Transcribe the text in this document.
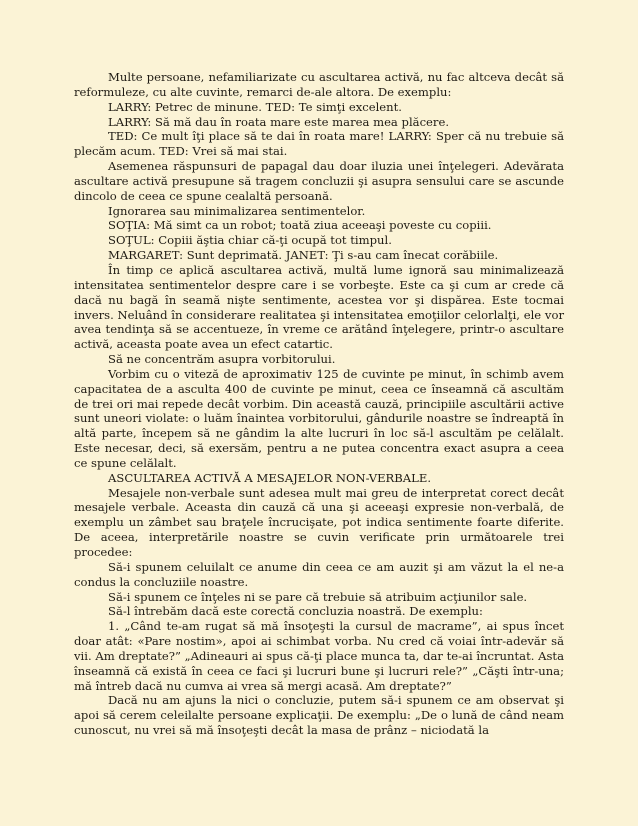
Multe persoane, nefamiliarizate cu ascultarea activă, nu fac altceva decât să reformuleze, cu alte cuvinte, remarci de-ale altora. De exemplu:

LARRY: Petrec de minune. TED: Te simţi excelent.

LARRY: Să mă dau în roata mare este marea mea plăcere.

TED: Ce mult îţi place să te dai în roata mare! LARRY: Sper că nu trebuie să plecăm acum. TED: Vrei să mai stai.

Asemenea răspunsuri de papagal dau doar iluzia unei înţelegeri. Adevărata ascultare activă presupune să tragem concluzii şi asupra sensului care se ascunde dincolo de ceea ce spune cealaltă persoană.

Ignorarea sau minimalizarea sentimentelor.

SOŢIA: Mă simt ca un robot; toată ziua aceeaşi poveste cu copiii.

SOŢUL: Copiii ăştia chiar că-ţi ocupă tot timpul.

MARGARET: Sunt deprimată. JANET: Ţi s-au cam înecat corăbiile.

În timp ce aplică ascultarea activă, multă lume ignoră sau minimalizează intensitatea sentimentelor despre care i se vorbeşte. Este ca şi cum ar crede că dacă nu bagă în seamă nişte sentimente, acestea vor şi dispărea. Este tocmai invers. Neluând în considerare realitatea şi intensitatea emoţiilor celorlalţi, ele vor avea tendinţa să se accentueze, în vreme ce arătând înţelegere, printr-o ascultare activă, aceasta poate avea un efect catartic.

Să ne concentrăm asupra vorbitorului.

Vorbim cu o viteză de aproximativ 125 de cuvinte pe minut, în schimb avem capacitatea de a asculta 400 de cuvinte pe minut, ceea ce înseamnă că ascultăm de trei ori mai repede decât vorbim. Din această cauză, principiile ascultării active sunt uneori violate: o luăm înaintea vorbitorului, gândurile noastre se îndreaptă în altă parte, începem să ne gândim la alte lucruri în loc să-l ascultăm pe celălalt. Este necesar, deci, să exersăm, pentru a ne putea concentra exact asupra a ceea ce spune celălalt.

ASCULTAREA ACTIVĂ A MESAJELOR NON-VERBALE.

Mesajele non-verbale sunt adesea mult mai greu de interpretat corect decât mesajele verbale. Aceasta din cauză că una şi aceeaşi expresie non-verbală, de exemplu un zâmbet sau braţele încrucişate, pot indica sentimente foarte diferite. De aceea, interpretările noastre se cuvin verificate prin următoarele trei procedee:

Să-i spunem celuilalt ce anume din ceea ce am auzit şi am văzut la el ne-a condus la concluziile noastre.

Să-i spunem ce înţeles ni se pare că trebuie să atribuim acţiunilor sale.

Să-l întrebăm dacă este corectă concluzia noastră. De exemplu:

1. „Când te-am rugat să mă însoţeşti la cursul de macrame”, ai spus încet doar atât: «Pare nostim», apoi ai schimbat vorba. Nu cred că voiai într-adevăr să vii. Am dreptate?” „Adineauri ai spus că-ţi place munca ta, dar te-ai încruntat. Asta înseamnă că există în ceea ce faci şi lucruri bune şi lucruri rele?” „Căşti într-una; mă întreb dacă nu cumva ai vrea să mergi acasă. Am dreptate?”

Dacă nu am ajuns la nici o concluzie, putem să-i spunem ce am observat şi apoi să cerem celeilalte persoane explicaţii. De exemplu: „De o lună de când neam cunoscut, nu vrei să mă însoţeşti decât la masa de prânz – niciodată la
